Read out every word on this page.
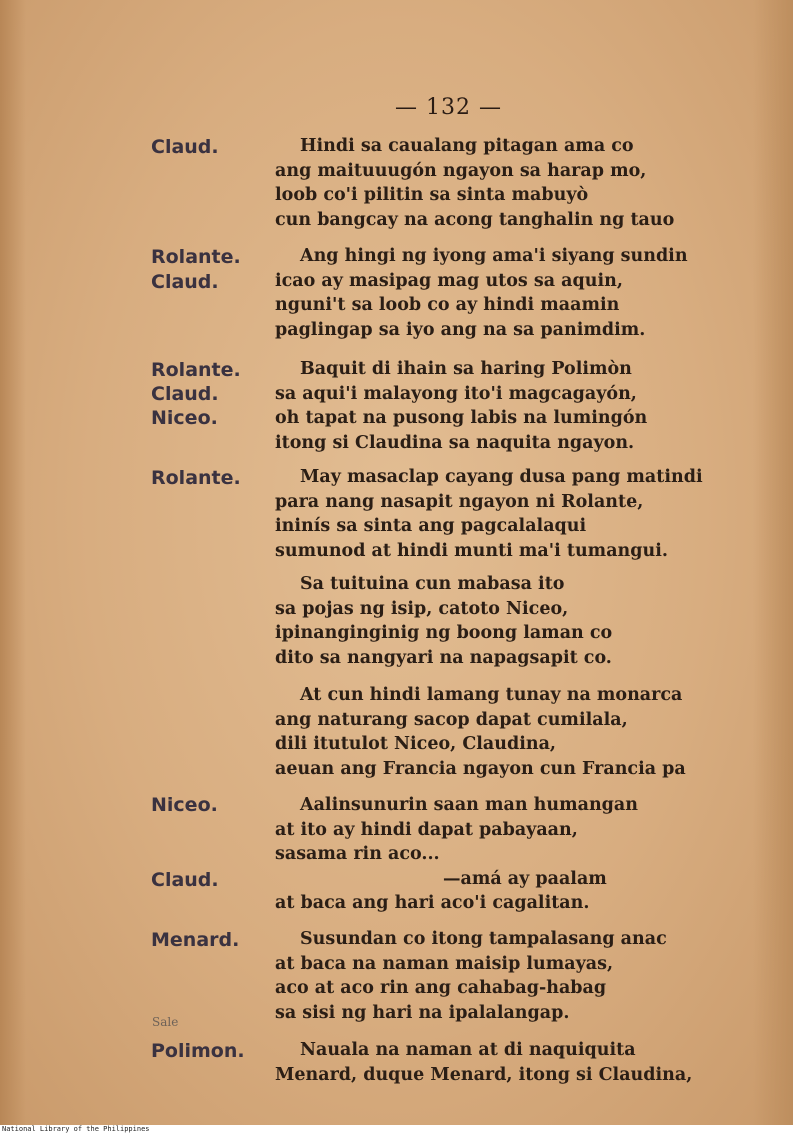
— 132 —
Claud.
Rolante.
Claud.
Rolante.
Claud.
Niceo.
Rolante.
Niceo.
Claud.
Menard.
Sale
Polimon.
Hindi sa caualang pitagan ama co
ang maituuugón ngayon sa harap mo,
loob co'i pilitin sa sinta mabuyò
cun bangcay na acong tanghalin ng tauo
Ang hingi ng iyong ama'i siyang sundin
icao ay masipag mag utos sa aquin,
nguni't sa loob co ay hindi maamin
paglingap sa iyo ang na sa panimdim.
Baquit di ihain sa haring Polimòn
sa aqui'i malayong ito'i magcagayón,
oh tapat na pusong labis na lumingón
itong si Claudina sa naquita ngayon.
May masaclap cayang dusa pang matindi
para nang nasapit ngayon ni Rolante,
ininís sa sinta ang pagcalalaqui
sumunod at hindi munti ma'i tumangui.
Sa tuituina cun mabasa ito
sa pojas ng isip, catoto Niceo,
ipinanginginig ng boong laman co
dito sa nangyari na napagsapit co.
At cun hindi lamang tunay na monarca
ang naturang sacop dapat cumilala,
dili itutulot Niceo, Claudina,
aeuan ang Francia ngayon cun Francia pa
Aalinsunurin saan man humangan
at ito ay hindi dapat pabayaan,
sasama rin aco...
—amá ay paalam
at baca ang hari aco'i cagalitan.
Susundan co itong tampalasang anac
at baca na naman maisip lumayas,
aco at aco rin ang cahabag-habag
sa sisi ng hari na ipalalangap.
Nauala na naman at di naquiquita
Menard, duque Menard, itong si Claudina,
National Library of the Philippines
